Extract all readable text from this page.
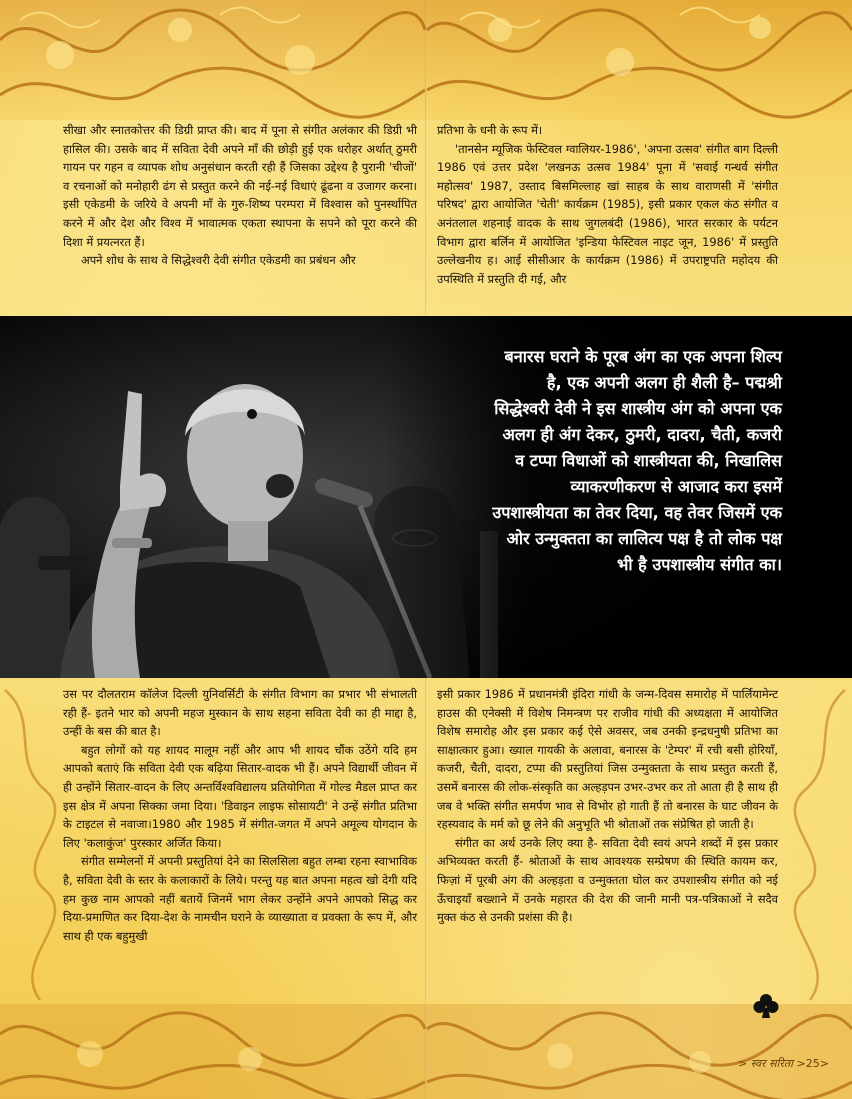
सीखा और स्नातकोत्तर की डिग्री प्राप्त की। बाद में पूना से संगीत अलंकार की डिग्री भी हासिल की। उसके बाद में सविता देवी अपने माँ की छोड़ी हुई एक धरोहर अर्थात् ठुमरी गायन पर गहन व व्यापक शोध अनुसंधान करती रही हैं जिसका उद्देश्य है पुरानी 'चीजों' व रचनाओं को मनोहारी ढंग से प्रस्तुत करने की नई-नई विधाएं ढूंढना व उजागर करना। इसी एकेडमी के जरिये वे अपनी माँ के गुरु-शिष्य परम्परा में विश्वास को पुनर्स्थापित करने में और देश और विश्व में भावात्मक एकता स्थापना के सपने को पूरा करने की दिशा में प्रयत्नरत हैं।

अपने शोध के साथ वे सिद्धेश्वरी देवी संगीत एकेडमी का प्रबंधन और

प्रतिभा के धनी के रूप में।

'तानसेन म्यूजिक फेस्टिवल ग्वालियर-1986', 'अपना उत्सव' संगीत बाग दिल्ली 1986 एवं उत्तर प्रदेश 'लखनऊ उत्सव 1984' पूना में 'सवाई गन्धर्व संगीत महोत्सव' 1987, उस्ताद बिसमिल्लाह खां साहब के साथ वाराणसी में 'संगीत परिषद' द्वारा आयोजित 'चेती' कार्यक्रम (1985), इसी प्रकार एकल कंठ संगीत व अनंतलाल शहनाई वादक के साथ जुगलबंदी (1986), भारत सरकार के पर्यटन विभाग द्वारा बर्लिन में आयोजित 'इन्डिया फेस्टिवल नाइट जून, 1986' में प्रस्तुति उल्लेखनीय ह। आई सीसीआर के कार्यक्रम (1986) में उपराष्ट्रपति महोदय की उपस्थिति में प्रस्तुति दी गई, और

बनारस घराने के पूरब अंग का एक अपना शिल्प है, एक अपनी अलग ही शैली है– पद्मश्री सिद्धेश्वरी देवी ने इस शास्त्रीय अंग को अपना एक अलग ही अंग देकर, ठुमरी, दादरा, चैती, कजरी व टप्पा विधाओं को शास्त्रीयता की, निखालिस व्याकरणीकरण से आजाद करा इसमें उपशास्त्रीयता का तेवर दिया, वह तेवर जिसमें एक ओर उन्मुक्तता का लालित्य पक्ष है तो लोक पक्ष भी है उपशास्त्रीय संगीत का।

उस पर दौलतराम कॉलेज दिल्ली युनिवर्सिटी के संगीत विभाग का प्रभार भी संभालती रही हैं- इतने भार को अपनी महज मुस्कान के साथ सहना सविता देवी का ही माद्दा है, उन्हीं के बस की बात है।

बहुत लोगों को यह शायद मालूम नहीं और आप भी शायद चौंक उठेंगे यदि हम आपको बताएं कि सविता देवी एक बढ़िया सितार-वादक भी हैं। अपने विद्यार्थी जीवन में ही उन्होंने सितार-वादन के लिए अन्तर्विश्वविद्यालय प्रतियोगिता में गोल्ड मैडल प्राप्त कर इस क्षेत्र में अपना सिक्का जमा दिया। 'डिवाइन लाइफ सोसायटी' ने उन्हें संगीत प्रतिभा के टाइटल से नवाजा।1980 और 1985 में संगीत-जगत में अपने अमूल्य योगदान के लिए 'कलाकुंज' पुरस्कार अर्जित किया।

संगीत सम्मेलनों में अपनी प्रस्तुतियां देने का सिलसिला बहुत लम्बा रहना स्वाभाविक है, सविता देवी के स्तर के कलाकारों के लिये। परन्तु यह बात अपना महत्व खो देगी यदि हम कुछ नाम आपको नहीं बतायें जिनमें भाग लेकर उन्होंने अपने आपको सिद्ध कर दिया-प्रमाणित कर दिया-देश के नामचीन घराने के व्याख्याता व प्रवक्ता के रूप में, और साथ ही एक बहुमुखी

इसी प्रकार 1986 में प्रधानमंत्री इंदिरा गांधी के जन्म-दिवस समारोह में पार्लियामेन्ट हाउस की एनेक्सी में विशेष निमन्त्रण पर राजीव गांधी की अध्यक्षता में आयोजित विशेष समारोह और इस प्रकार कई ऐसे अवसर, जब उनकी इन्द्रधनुषी प्रतिभा का साक्षात्कार हुआ। ख्याल गायकी के अलावा, बनारस के 'टेम्पर' में रची बसी होरियाँ, कजरी, चैती, दादरा, टप्पा की प्रस्तुतियां जिस उन्मुक्तता के साथ प्रस्तुत करती हैं, उसमें बनारस की लोक-संस्कृति का अल्हड़पन उभर-उभर कर तो आता ही है साथ ही जब वे भक्ति संगीत समर्पण भाव से विभोर हो गाती हैं तो बनारस के घाट जीवन के रहस्यवाद के मर्म को छू लेने की अनुभूति भी श्रोताओं तक संप्रेषित हो जाती है।

संगीत का अर्थ उनके लिए क्या है- सविता देवी स्वयं अपने शब्दों में इस प्रकार अभिव्यक्त करती हैं- श्रोताओं के साथ आवश्यक सम्प्रेषण की स्थिति कायम कर, फिज़ां में पूरबी अंग की अल्हड़ता व उन्मुक्तता घोल कर उपशास्त्रीय संगीत को नई ऊँचाइयाँ बख्शाने में उनके महारत की देश की जानी मानी पत्र-पत्रिकाओं ने सदैव मुक्त कंठ से उनकी प्रशंसा की है।

> स्वर सरिता >25>
